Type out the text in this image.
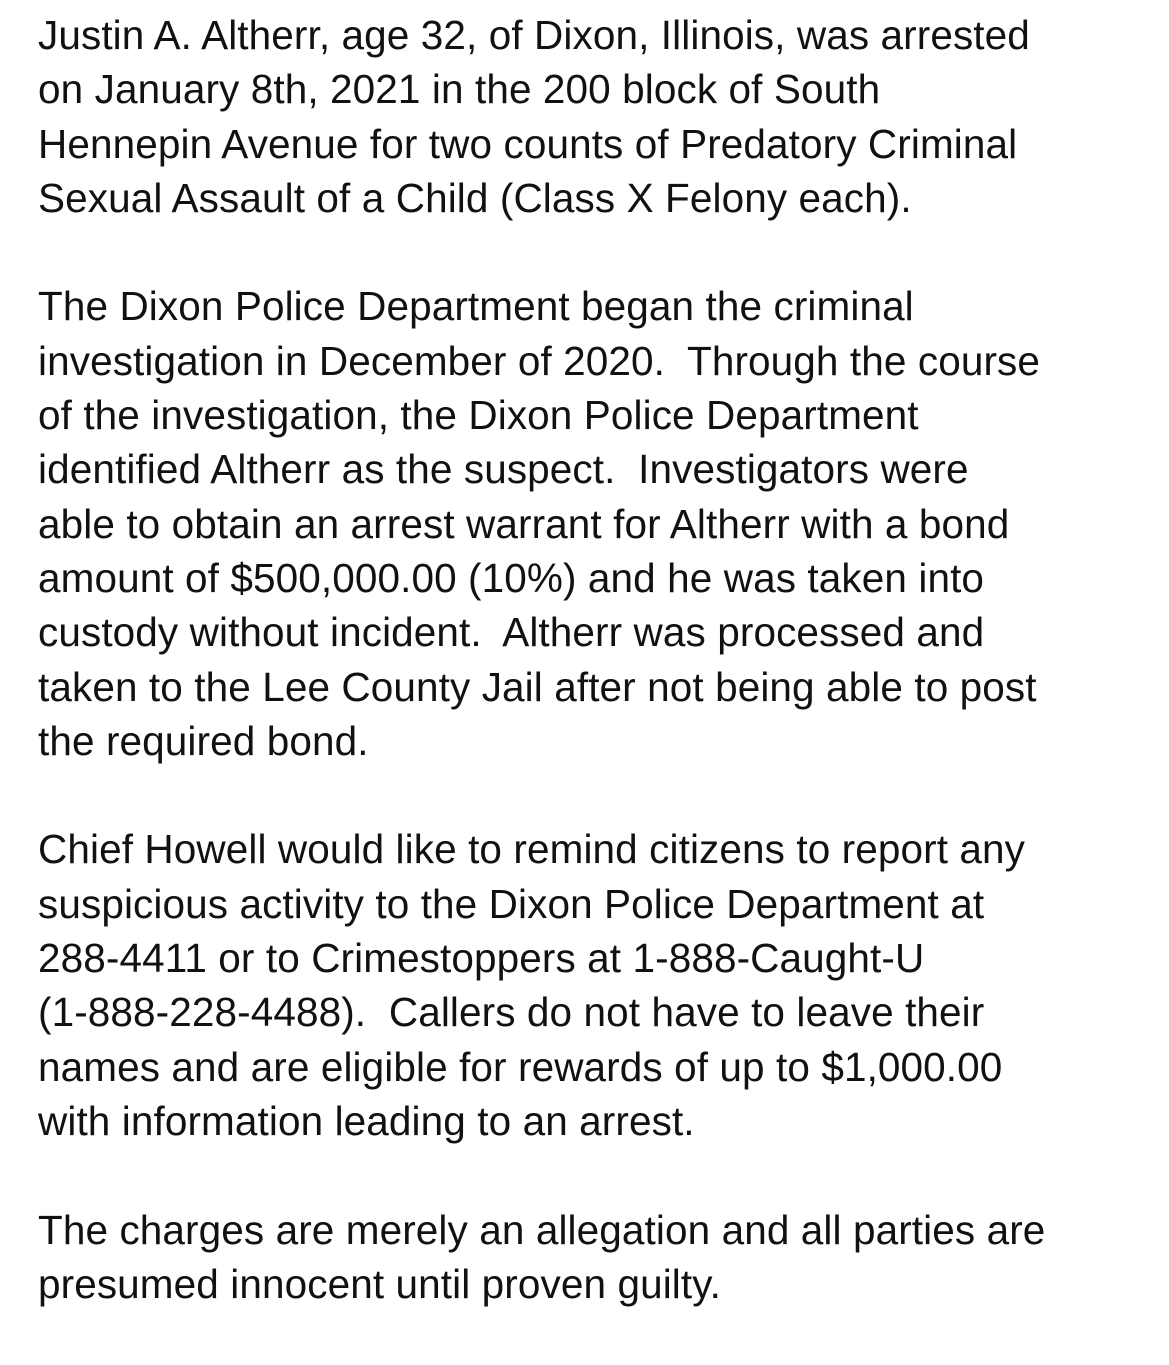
Justin A. Altherr, age 32, of Dixon, Illinois, was arrested
on January 8th, 2021 in the 200 block of South
Hennepin Avenue for two counts of Predatory Criminal
Sexual Assault of a Child (Class X Felony each).

The Dixon Police Department began the criminal
investigation in December of 2020.  Through the course
of the investigation, the Dixon Police Department
identified Altherr as the suspect.  Investigators were
able to obtain an arrest warrant for Altherr with a bond
amount of $500,000.00 (10%) and he was taken into
custody without incident.  Altherr was processed and
taken to the Lee County Jail after not being able to post
the required bond.

Chief Howell would like to remind citizens to report any
suspicious activity to the Dixon Police Department at
288-4411 or to Crimestoppers at 1-888-Caught-U
(1-888-228-4488).  Callers do not have to leave their
names and are eligible for rewards of up to $1,000.00
with information leading to an arrest.

The charges are merely an allegation and all parties are
presumed innocent until proven guilty.
